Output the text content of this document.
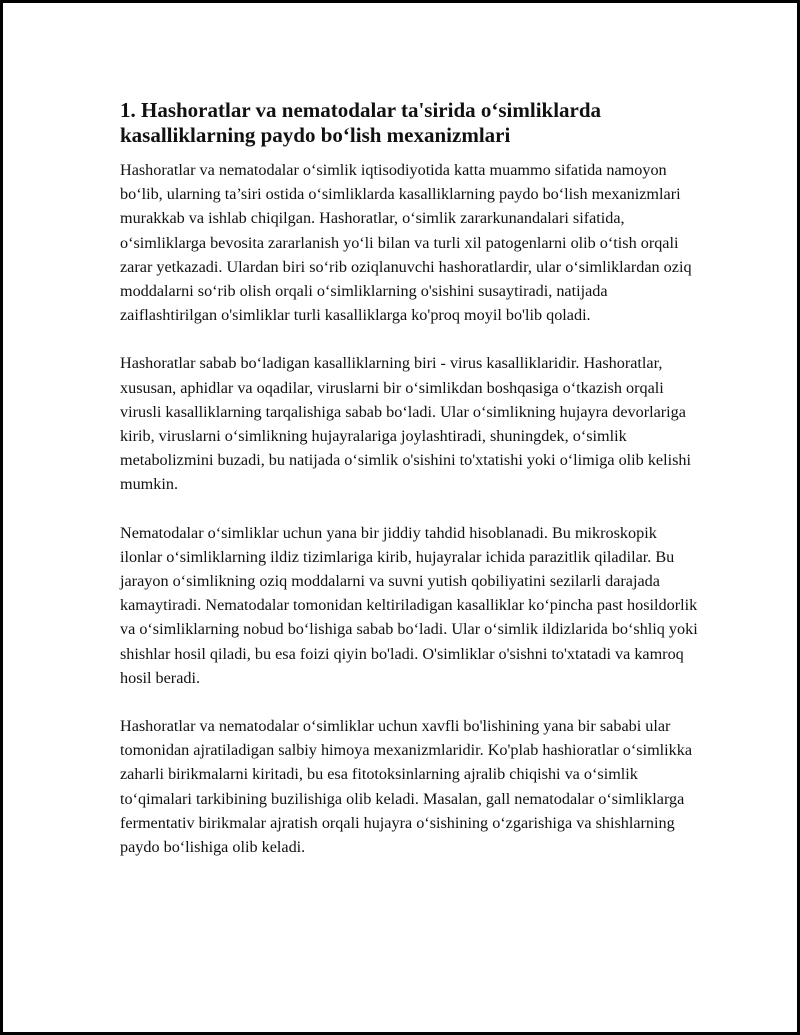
1. Hashoratlar va nematodalar ta'sirida o‘simliklarda kasalliklarning paydo bo‘lish mexanizmlari

Hashoratlar va nematodalar o‘simlik iqtisodiyotida katta muammo sifatida namoyon bo‘lib, ularning ta’siri ostida o‘simliklarda kasalliklarning paydo bo‘lish mexanizmlari murakkab va ishlab chiqilgan. Hashoratlar, o‘simlik zararkunandalari sifatida, o‘simliklarga bevosita zararlanish yo‘li bilan va turli xil patogenlarni olib o‘tish orqali zarar yetkazadi. Ulardan biri so‘rib oziqlanuvchi hashoratlardir, ular o‘simliklardan oziq moddalarni so‘rib olish orqali o‘simliklarning o'sishini susaytiradi, natijada zaiflashtirilgan o'simliklar turli kasalliklarga ko'proq moyil bo'lib qoladi.

Hashoratlar sabab bo‘ladigan kasalliklarning biri - virus kasalliklaridir. Hashoratlar, xususan, aphidlar va oqadilar, viruslarni bir o‘simlikdan boshqasiga o‘tkazish orqali virusli kasalliklarning tarqalishiga sabab bo‘ladi. Ular o‘simlikning hujayra devorlariga kirib, viruslarni o‘simlikning hujayralariga joylashtiradi, shuningdek, o‘simlik metabolizmini buzadi, bu natijada o‘simlik o'sishini to'xtatishi yoki o‘limiga olib kelishi mumkin.

Nematodalar o‘simliklar uchun yana bir jiddiy tahdid hisoblanadi. Bu mikroskopik ilonlar o‘simliklarning ildiz tizimlariga kirib, hujayralar ichida parazitlik qiladilar. Bu jarayon o‘simlikning oziq moddalarni va suvni yutish qobiliyatini sezilarli darajada kamaytiradi. Nematodalar tomonidan keltiriladigan kasalliklar ko‘pincha past hosildorlik va o‘simliklarning nobud bo‘lishiga sabab bo‘ladi. Ular o‘simlik ildizlarida bo‘shliq yoki shishlar hosil qiladi, bu esa foizi qiyin bo'ladi. O'simliklar o'sishni to'xtatadi va kamroq hosil beradi.

Hashoratlar va nematodalar o‘simliklar uchun xavfli bo'lishining yana bir sababi ular tomonidan ajratiladigan salbiy himoya mexanizmlaridir. Ko'plab hashioratlar o‘simlikka zaharli birikmalarni kiritadi, bu esa fitotoksinlarning ajralib chiqishi va o‘simlik to‘qimalari tarkibining buzilishiga olib keladi. Masalan, gall nematodalar o‘simliklarga fermentativ birikmalar ajratish orqali hujayra o‘sishining o‘zgarishiga va shishlarning paydo bo‘lishiga olib keladi.
